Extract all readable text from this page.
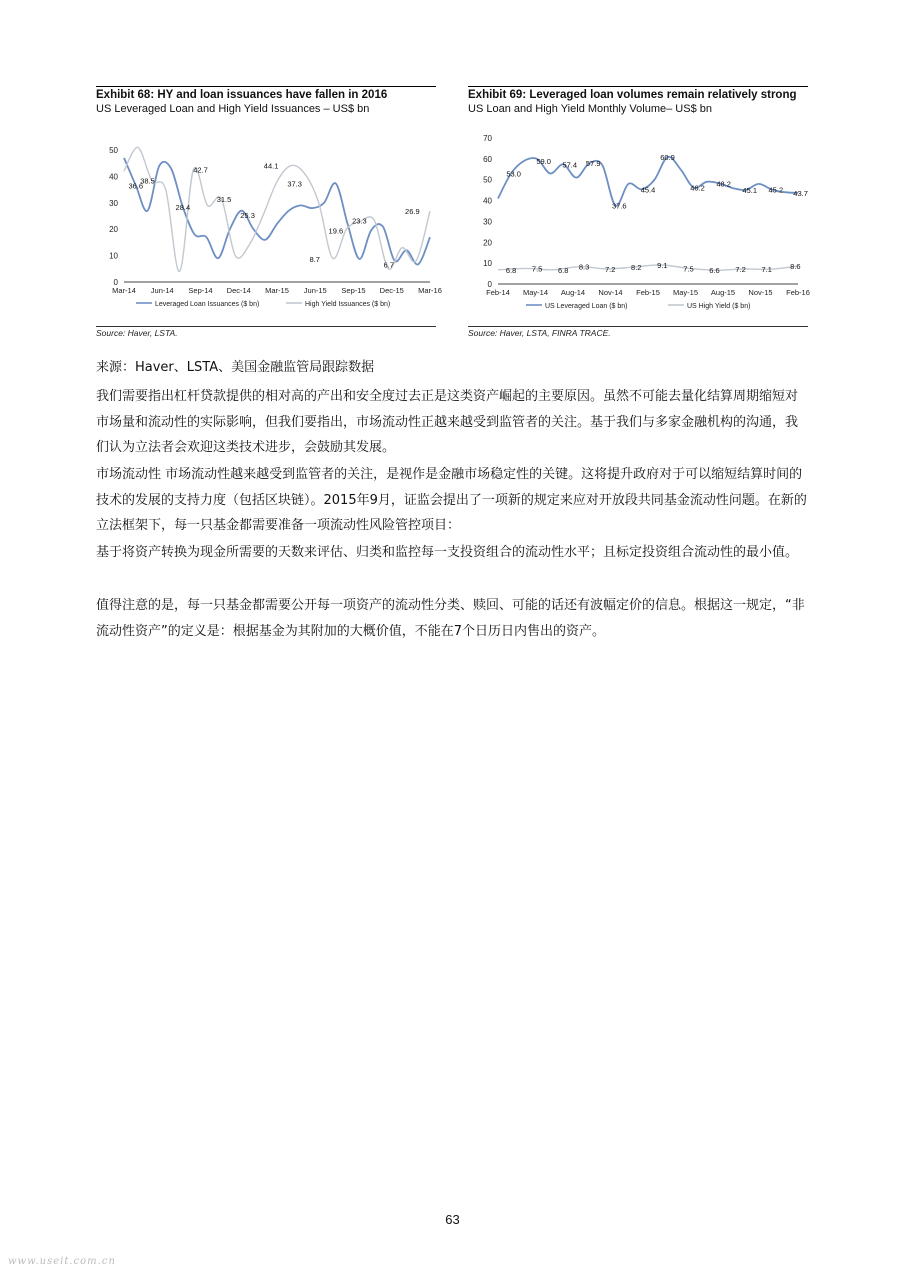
Exhibit 68: HY and loan issuances have fallen in 2016
US Leveraged Loan and High Yield Issuances – US$ bn
0
10
20
30
40
50
Mar-14 Jun-14 Sep-14 Dec-14 Mar-15 Jun-15 Sep-15 Dec-15 Mar-16
36.6
38.5
28.4
42.7
31.5
25.3
44.1
37.3
8.7
19.6
23.3
6.7
26.9
Leveraged Loan Issuances ($ bn)	High Yield Issuances ($ bn)
Source: Haver, LSTA.
Exhibit 69: Leveraged loan volumes remain relatively strong
US Loan and High Yield Monthly Volume– US$ bn
0
10
20
30
40
50
60
70
Feb-14 May-14 Aug-14 Nov-14 Feb-15 May-15 Aug-15 Nov-15 Feb-16
53.0
59.0 57.4 57.9
37.6
45.4
60.9
46.2 48.2
45.1 45.2 43.7
6.8 7.5 6.8 8.3 7.2 8.2 9.1 7.5 6.6 7.2 7.1 8.6
US Leveraged Loan ($ bn)	US High Yield ($ bn)
Source: Haver, LSTA, FINRA TRACE.
来源：Haver、LSTA、美国金融监管局跟踪数据
我们需要指出杠杆贷款提供的相对高的产出和安全度过去正是这类资产崛起的主要原因。虽然不可能去量化结算周期缩短对市场量和流动性的实际影响，但我们要指出，市场流动性正越来越受到监管者的关注。基于我们与多家金融机构的沟通，我们认为立法者会欢迎这类技术进步，会鼓励其发展。
市场流动性 市场流动性越来越受到监管者的关注，是视作是金融市场稳定性的关键。这将提升政府对于可以缩短结算时间的技术的发展的支持力度（包括区块链）。2015年9月，证监会提出了一项新的规定来应对开放段共同基金流动性问题。在新的立法框架下，每一只基金都需要准备一项流动性风险管控项目：
基于将资产转换为现金所需要的天数来评估、归类和监控每一支投资组合的流动性水平；且标定投资组合流动性的最小值。
值得注意的是，每一只基金都需要公开每一项资产的流动性分类、赎回、可能的话还有波幅定价的信息。根据这一规定，“非流动性资产”的定义是：根据基金为其附加的大概价值，不能在7个日历日内售出的资产。
63
www.useit.com.cn
